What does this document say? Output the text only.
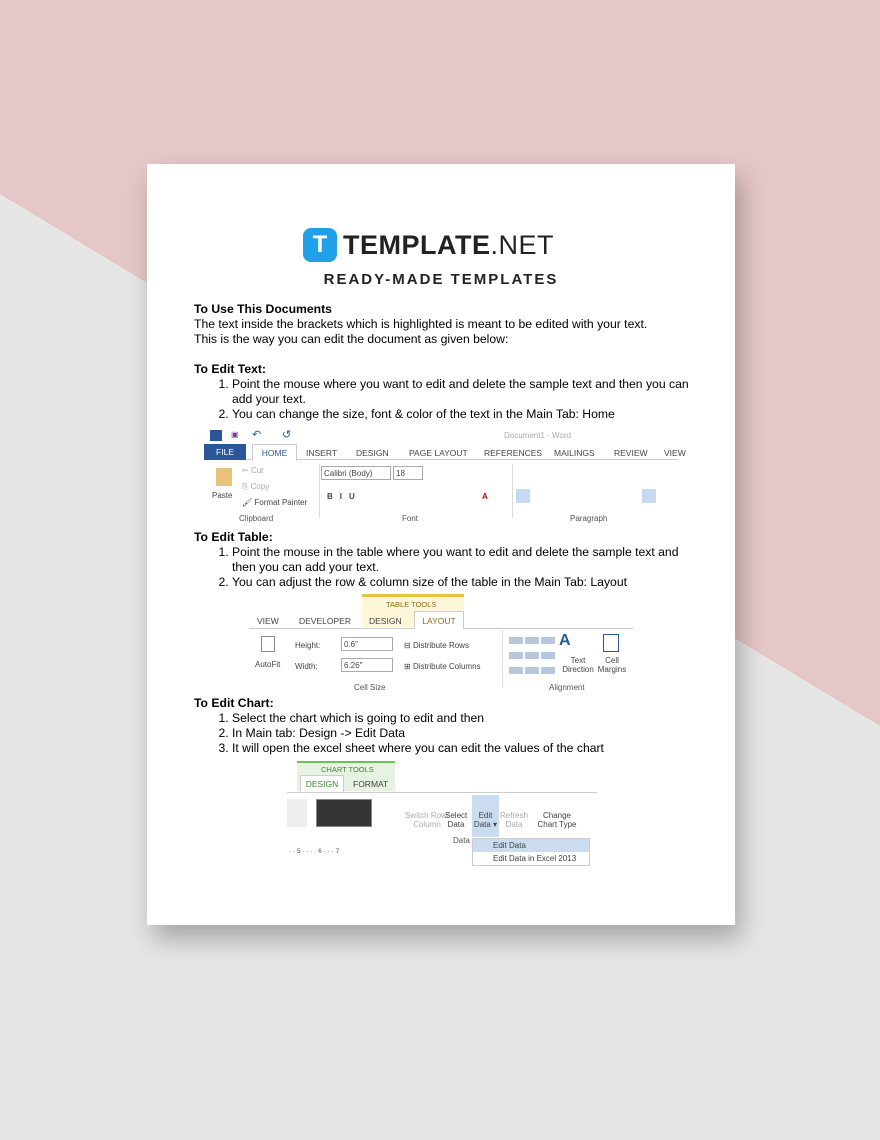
T TEMPLATE.NET
READY-MADE TEMPLATES
To Use This Documents
The text inside the brackets which is highlighted is meant to be edited with your text.
This is the way you can edit the document as given below:
To Edit Text:
1. Point the mouse where you want to edit and delete the sample text and then you can add your text.
2. You can change the size, font & color of the text in the Main Tab: Home
▣ ↶ ↺	Document1 - Word
FILE	HOME	INSERT DESIGN PAGE LAYOUT REFERENCES MAILINGS REVIEW VIEW
Paste
✂ Cut
⎘ Copy
🖌 Format Painter
Calibri (Body)	18
BIU	A
Clipboard	Font	Paragraph
To Edit Table:
1. Point the mouse in the table where you want to edit and delete the sample text and then you can add your text.
2. You can adjust the row & column size of the table in the Main Tab: Layout
TABLE TOOLS
VIEW DEVELOPER DESIGN	LAYOUT
AutoFit
Height:	0.6"
Width:	6.26"
⊟ Distribute Rows
⊞ Distribute Columns
A
Text Direction
Cell Margins
Cell Size	Alignment
To Edit Chart:
1. Select the chart which is going to edit and then
2. In Main tab: Design -> Edit Data
3. It will open the excel sheet where you can edit the values of the chart
CHART TOOLS
DESIGN	FORMAT
Switch Row/ Column
Select Data
Edit Data ▾
Refresh Data
Change Chart Type
Data
· · 5 · · · · 6 · · · 7
Edit Data
Edit Data in Excel 2013
